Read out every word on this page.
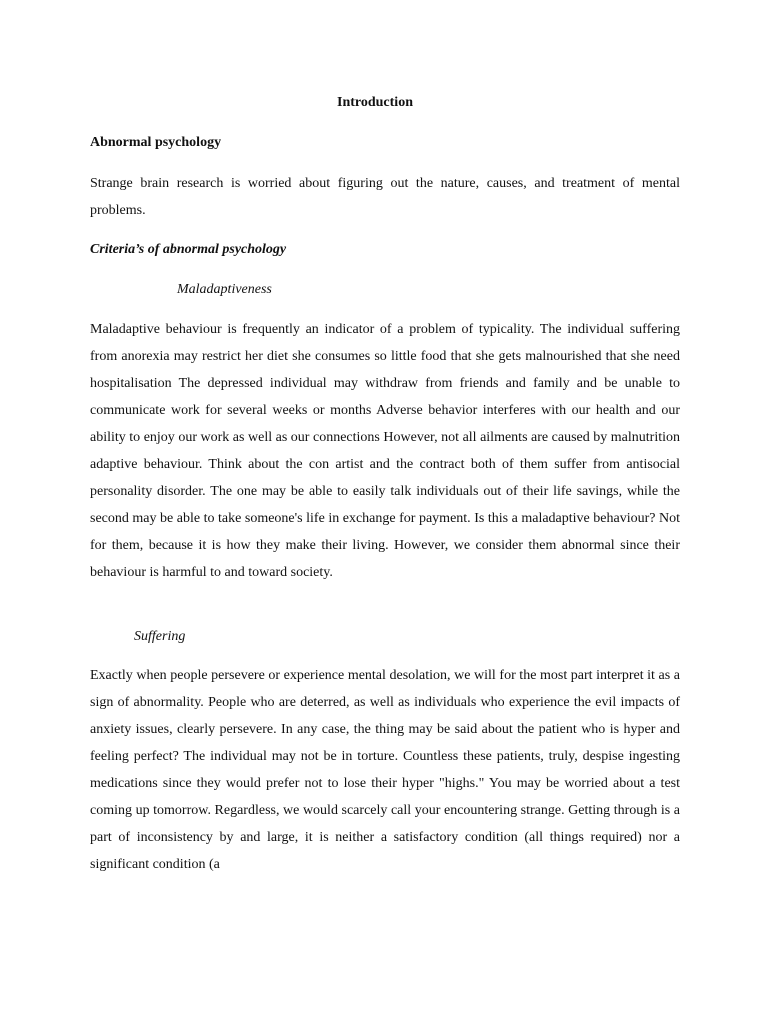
Introduction
Abnormal psychology
Strange brain research is worried about figuring out the nature, causes, and treatment of mental problems.
Criteria’s of abnormal psychology
Maladaptiveness
Maladaptive behaviour is frequently an indicator of a problem of typicality. The individual suffering from anorexia may restrict her diet she consumes so little food that she gets malnourished that she need hospitalisation The depressed individual may withdraw from friends and family and be unable to communicate work for several weeks or months Adverse behavior interferes with our health and our ability to enjoy our work as well as our connections However, not all ailments are caused by malnutrition adaptive behaviour. Think about the con artist and the contract both of them suffer from antisocial personality disorder. The one may be able to easily talk individuals out of their life savings, while the second may be able to take someone's life in exchange for payment. Is this a maladaptive behaviour? Not for them, because it is how they make their living. However, we consider them abnormal since their behaviour is harmful to and toward society.
Suffering
Exactly when people persevere or experience mental desolation, we will for the most part interpret it as a sign of abnormality. People who are deterred, as well as individuals who experience the evil impacts of anxiety issues, clearly persevere. In any case, the thing may be said about the patient who is hyper and feeling perfect? The individual may not be in torture. Countless these patients, truly, despise ingesting medications since they would prefer not to lose their hyper "highs." You may be worried about a test coming up tomorrow. Regardless, we would scarcely call your encountering strange. Getting through is a part of inconsistency by and large, it is neither a satisfactory condition (all things required) nor a significant condition (a
